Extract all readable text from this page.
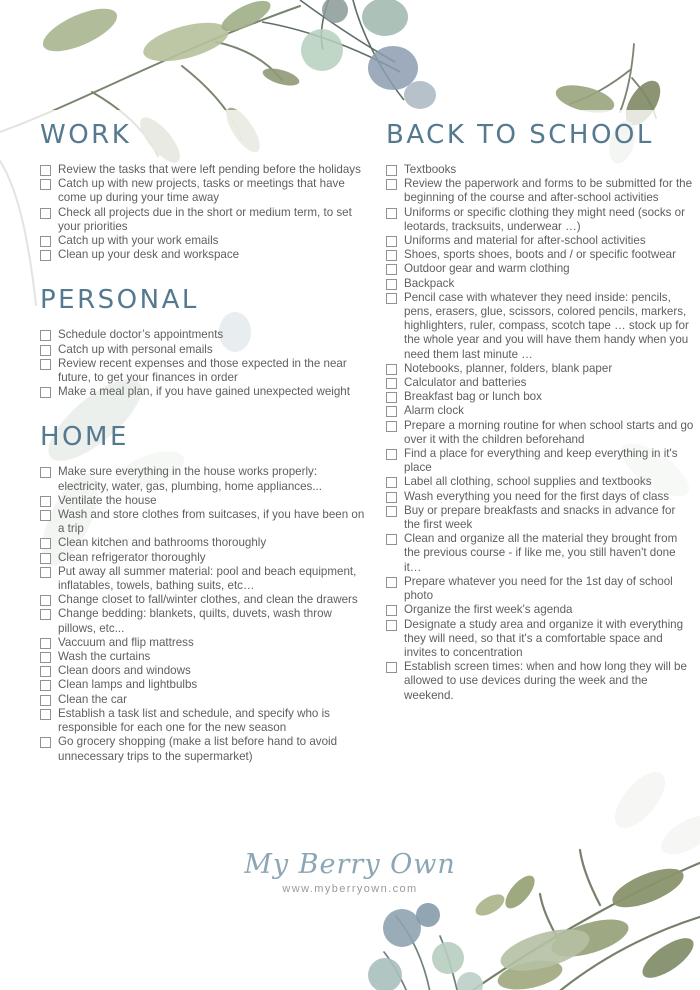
WORK
Review the tasks that were left pending before the holidays
Catch up with new projects, tasks or meetings that have come up during your time away
Check all projects due in the short or medium term, to set your priorities
Catch up with your work emails
Clean up your desk and workspace
PERSONAL
Schedule doctor’s appointments
Catch up with personal emails
Review recent expenses and those expected in the near future, to get your finances in order
Make a meal plan, if you have gained unexpected weight
HOME
Make sure everything in the house works properly: electricity, water, gas, plumbing, home appliances...
Ventilate the house
Wash and store clothes from suitcases, if you have been on a trip
Clean kitchen and bathrooms thoroughly
Clean refrigerator thoroughly
Put away all summer material: pool and beach equipment, inflatables, towels, bathing suits, etc…
Change closet to fall/winter clothes, and clean the drawers
Change bedding: blankets, quilts, duvets, wash throw pillows, etc...
Vaccuum and flip mattress
Wash the curtains
Clean doors and windows
Clean lamps and lightbulbs
Clean the car
Establish a task list and schedule, and specify who is responsible for each one for the new season
Go grocery shopping (make a list before hand to avoid unnecessary trips to the supermarket)
BACK TO SCHOOL
Textbooks
Review the paperwork and forms to be submitted for the beginning of the course and after-school activities
Uniforms or specific clothing they might need (socks or leotards, tracksuits, underwear …)
Uniforms and material for after-school activities
Shoes, sports shoes, boots and / or specific footwear
Outdoor gear and warm clothing
Backpack
Pencil case with whatever they need inside: pencils, pens, erasers, glue, scissors, colored pencils, markers, highlighters, ruler, compass, scotch tape … stock up for the whole year and you will have them handy when you need them last minute …
Notebooks, planner, folders, blank paper
Calculator and batteries
Breakfast bag or lunch box
Alarm clock
Prepare a morning routine for when school starts and go over it with the children beforehand
Find a place for everything and keep everything in it's place
Label all clothing, school supplies and textbooks
Wash everything you need for the first days of class
Buy or prepare breakfasts and snacks in advance for the first week
Clean and organize all the material they brought from the previous course - if like me, you still haven't done it…
Prepare whatever you need for the 1st day of school photo
Organize the first week's agenda
Designate a study area and organize it with everything they will need, so that it's a comfortable space and invites to concentration
Establish screen times: when and how long they will be allowed to use devices during the week and the weekend.
My Berry Own
www.myberryown.com
